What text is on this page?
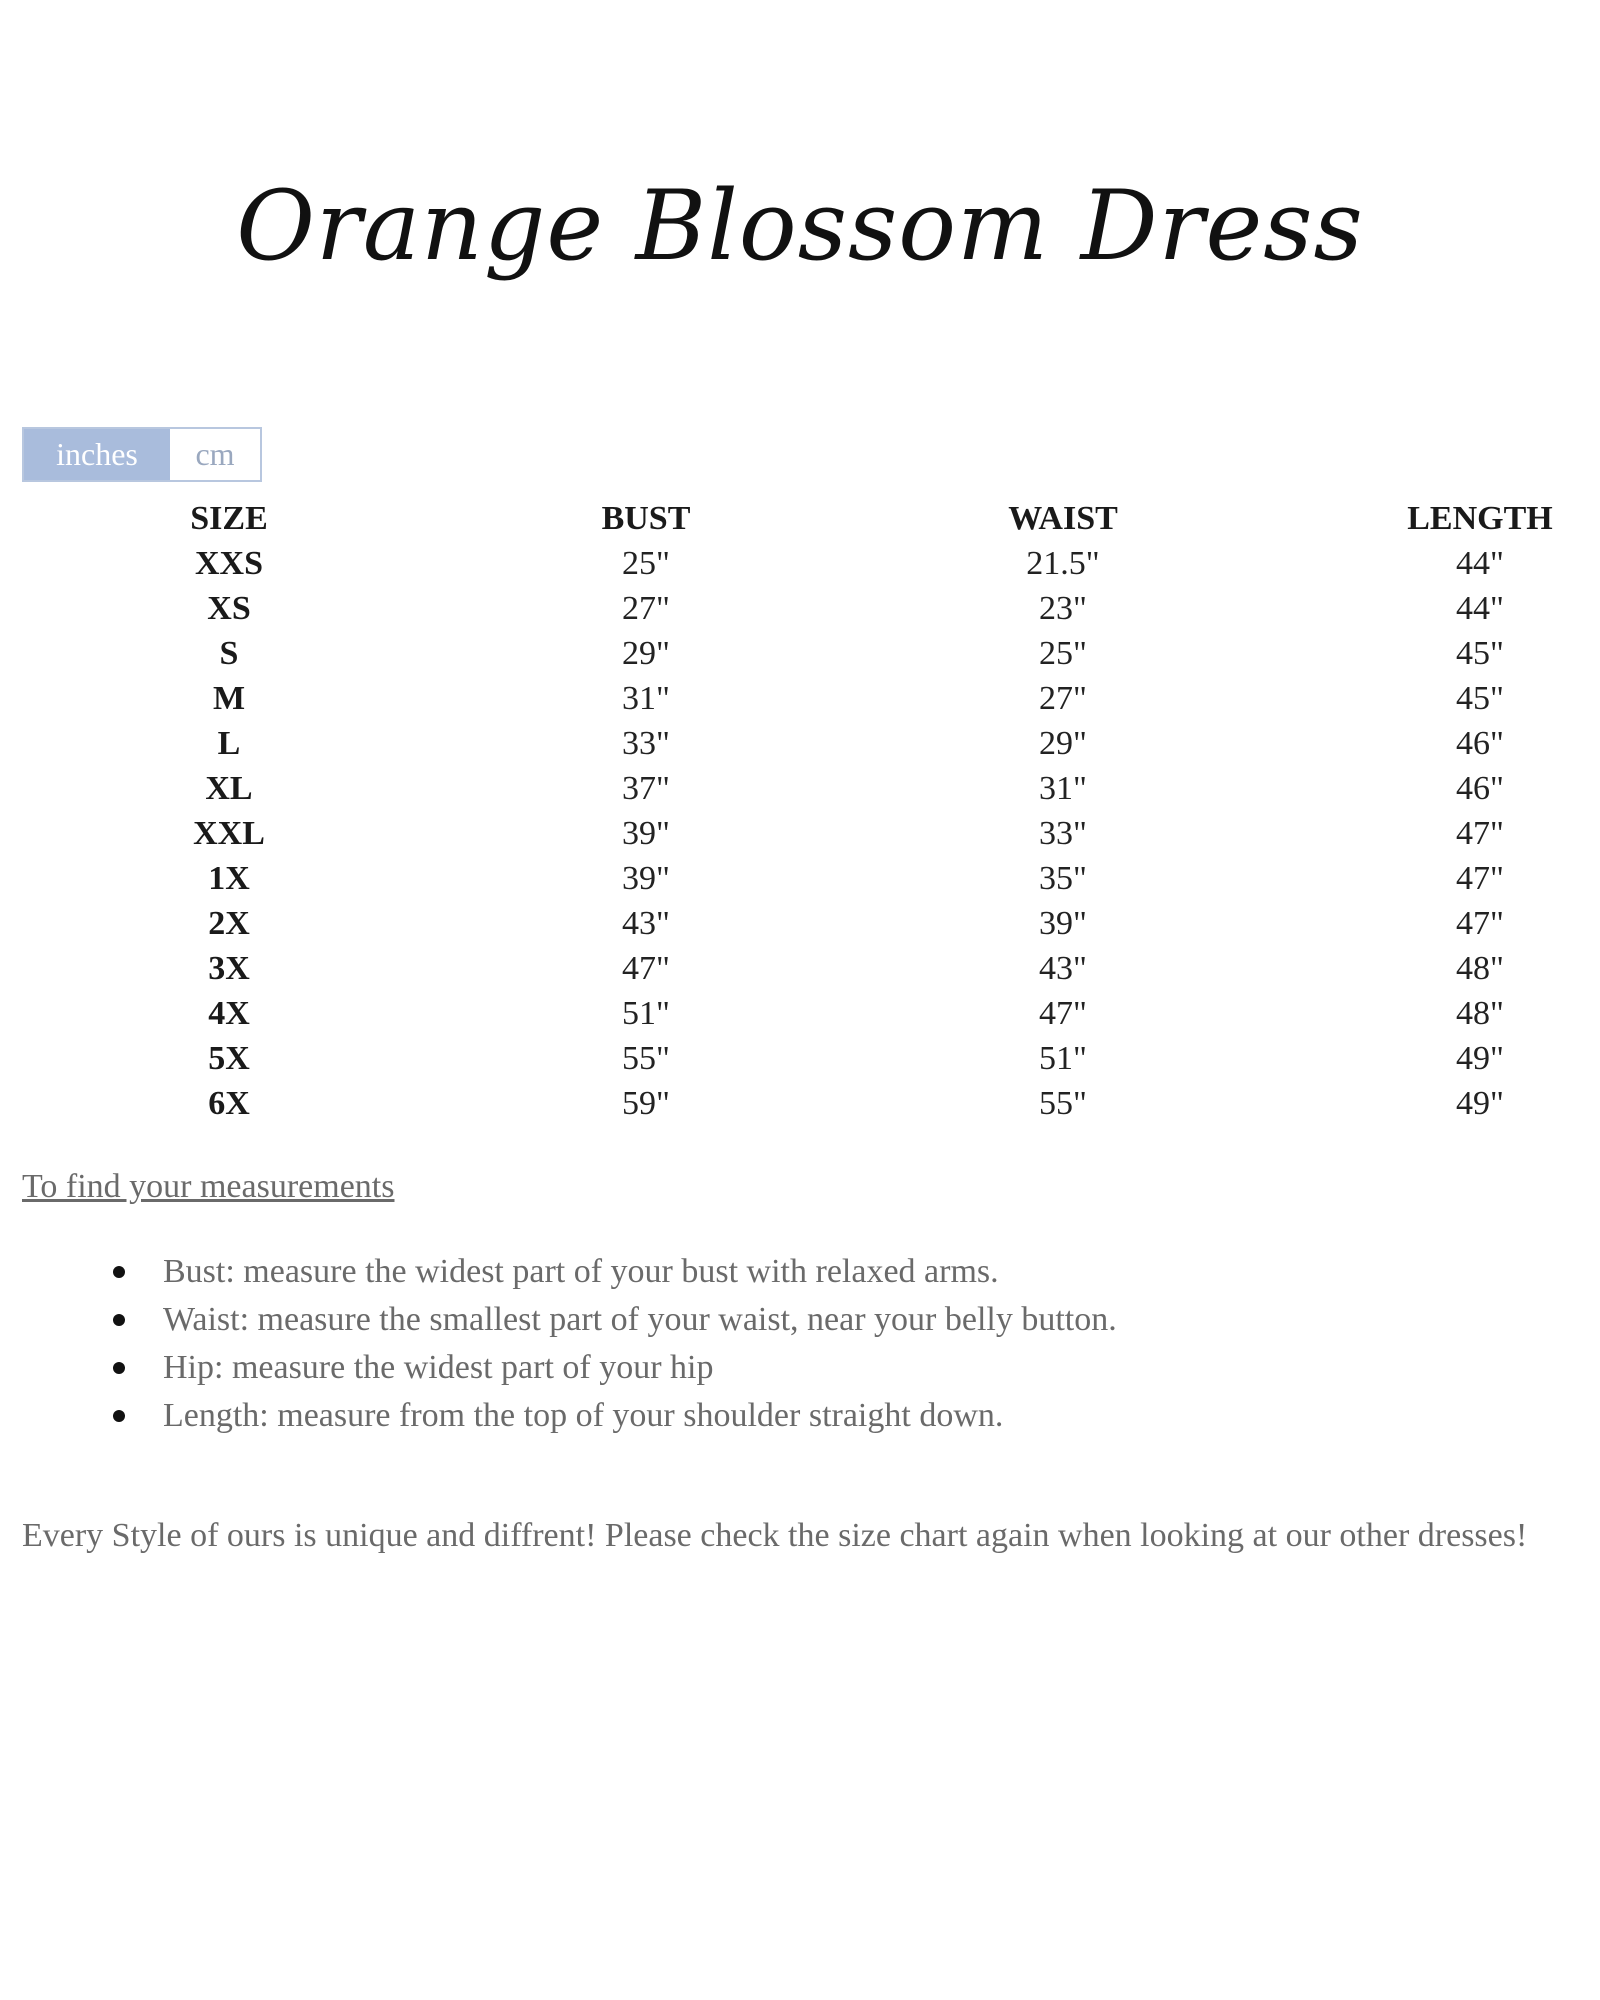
Orange Blossom Dress
inches	cm
SIZE	BUST	WAIST	LENGTH
XXS	25"	21.5"	44"
XS	27"	23"	44"
S	29"	25"	45"
M	31"	27"	45"
L	33"	29"	46"
XL	37"	31"	46"
XXL	39"	33"	47"
1X	39"	35"	47"
2X	43"	39"	47"
3X	47"	43"	48"
4X	51"	47"	48"
5X	55"	51"	49"
6X	59"	55"	49"
To find your measurements
Bust: measure the widest part of your bust with relaxed arms.
Waist: measure the smallest part of your waist, near your belly button.
Hip: measure the widest part of your hip
Length: measure from the top of your shoulder straight down.
Every Style of ours is unique and diffrent! Please check the size chart again when looking at our other dresses!
